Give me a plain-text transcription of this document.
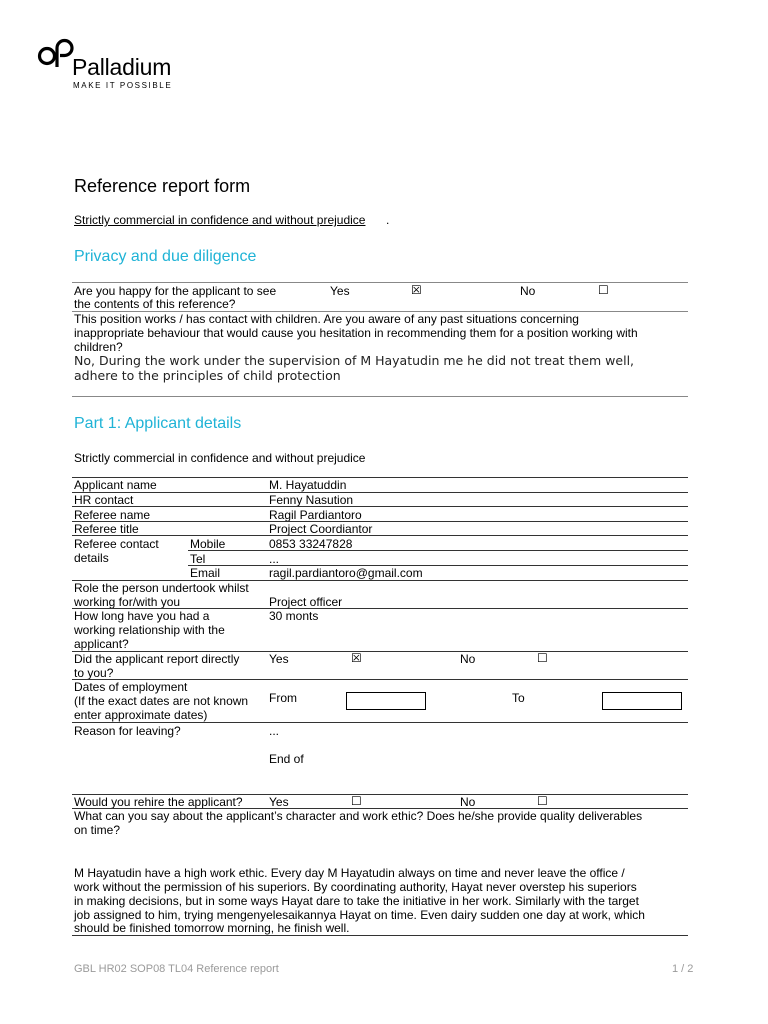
Palladium
MAKE IT POSSIBLE
Reference report form
Strictly commercial in confidence and without prejudice .
Privacy and due diligence
Are you happy for the applicant to see
the contents of this reference?
Yes	☒	No	☐
This position works / has contact with children. Are you aware of any past situations concerning
inappropriate behaviour that would cause you hesitation in recommending them for a position working with
children?
No, During the work under the supervision of M Hayatudin me he did not treat them well,
adhere to the principles of child protection
Part 1: Applicant details
Strictly commercial in confidence and without prejudice
Applicant name	M. Hayatuddin
HR contact	Fenny Nasution
Referee name	Ragil Pardiantoro
Referee title	Project Coordiantor
Referee contact
details
Mobile	0853 33247828
Tel	...
Email	ragil.pardiantoro@gmail.com
Role the person undertook whilst
working for/with you	Project officer
How long have you had a
working relationship with the
applicant?
30 monts
Did the applicant report directly
to you?
Yes	☒	No	☐
Dates of employment
(If the exact dates are not known
enter approximate dates)
From	To
Reason for leaving?	...
End of
Would you rehire the applicant? Yes	☐	No	☐
What can you say about the applicant’s character and work ethic? Does he/she provide quality deliverables
on time?
M Hayatudin have a high work ethic. Every day M Hayatudin always on time and never leave the office /
work without the permission of his superiors. By coordinating authority, Hayat never overstep his superiors
in making decisions, but in some ways Hayat dare to take the initiative in her work. Similarly with the target
job assigned to him, trying mengenyelesaikannya Hayat on time. Even dairy sudden one day at work, which
should be finished tomorrow morning, he finish well.
GBL HR02 SOP08 TL04 Reference report	1 / 2
